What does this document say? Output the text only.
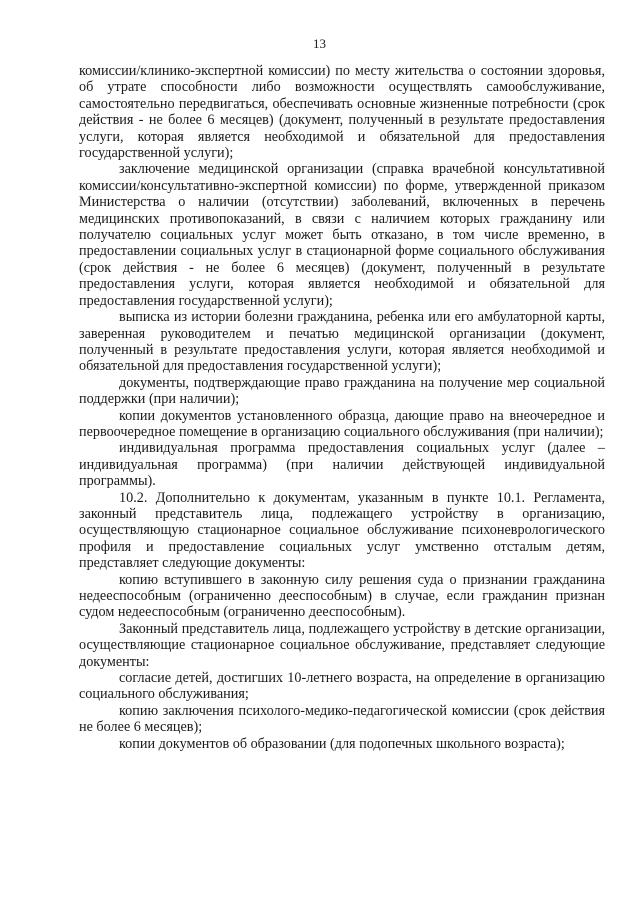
13

комиссии/клинико-экспертной комиссии) по месту жительства о состоянии здоровья, об утрате способности либо возможности осуществлять самообслуживание, самостоятельно передвигаться, обеспечивать основные жизненные потребности (срок действия - не более 6 месяцев) (документ, полученный в результате предоставления услуги, которая является необходимой и обязательной для предоставления государственной услуги);

заключение медицинской организации (справка врачебной консультативной комиссии/консультативно-экспертной комиссии) по форме, утвержденной приказом Министерства о наличии (отсутствии) заболеваний, включенных в перечень медицинских противопоказаний, в связи с наличием которых гражданину или получателю социальных услуг может быть отказано, в том числе временно, в предоставлении социальных услуг в стационарной форме социального обслуживания (срок действия - не более 6 месяцев) (документ, полученный в результате предоставления услуги, которая является необходимой и обязательной для предоставления государственной услуги);

выписка из истории болезни гражданина, ребенка или его амбулаторной карты, заверенная руководителем и печатью медицинской организации (документ, полученный в результате предоставления услуги, которая является необходимой и обязательной для предоставления государственной услуги);

документы, подтверждающие право гражданина на получение мер социальной поддержки (при наличии);

копии документов установленного образца, дающие право на внеочередное и первоочередное помещение в организацию социального обслуживания (при наличии);

индивидуальная программа предоставления социальных услуг (далее – индивидуальная программа) (при наличии действующей индивидуальной программы).

10.2. Дополнительно к документам, указанным в пункте 10.1. Регламента, законный представитель лица, подлежащего устройству в организацию, осуществляющую стационарное социальное обслуживание психоневрологического профиля и предоставление социальных услуг умственно отсталым детям, представляет следующие документы:

копию вступившего в законную силу решения суда о признании гражданина недееспособным (ограниченно дееспособным) в случае, если гражданин признан судом недееспособным (ограниченно дееспособным).

Законный представитель лица, подлежащего устройству в детские организации, осуществляющие стационарное социальное обслуживание, представляет следующие документы:

согласие детей, достигших 10-летнего возраста, на определение в организацию социального обслуживания;

копию заключения психолого-медико-педагогической комиссии (срок действия не более 6 месяцев);

копии документов об образовании (для подопечных школьного возраста);
